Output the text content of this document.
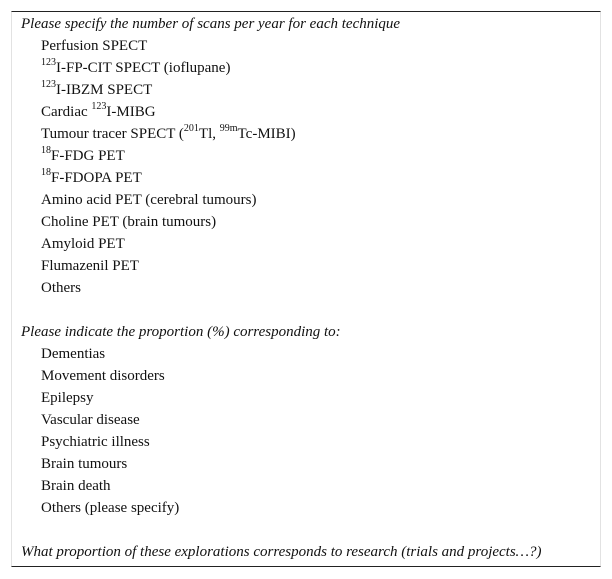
Please specify the number of scans per year for each technique
Perfusion SPECT
$^{123}$I-FP-CIT SPECT (ioflupane)
$^{123}$I-IBZM SPECT
Cardiac $^{123}$I-MIBG
Tumour tracer SPECT ($^{201}$Tl, $^{99m}$Tc-MIBI)
$^{18}$F-FDG PET
$^{18}$F-FDOPA PET
Amino acid PET (cerebral tumours)
Choline PET (brain tumours)
Amyloid PET
Flumazenil PET
Others
Please indicate the proportion (%) corresponding to:
Dementias
Movement disorders
Epilepsy
Vascular disease
Psychiatric illness
Brain tumours
Brain death
Others (please specify)
What proportion of these explorations corresponds to research (trials and projects…?)
